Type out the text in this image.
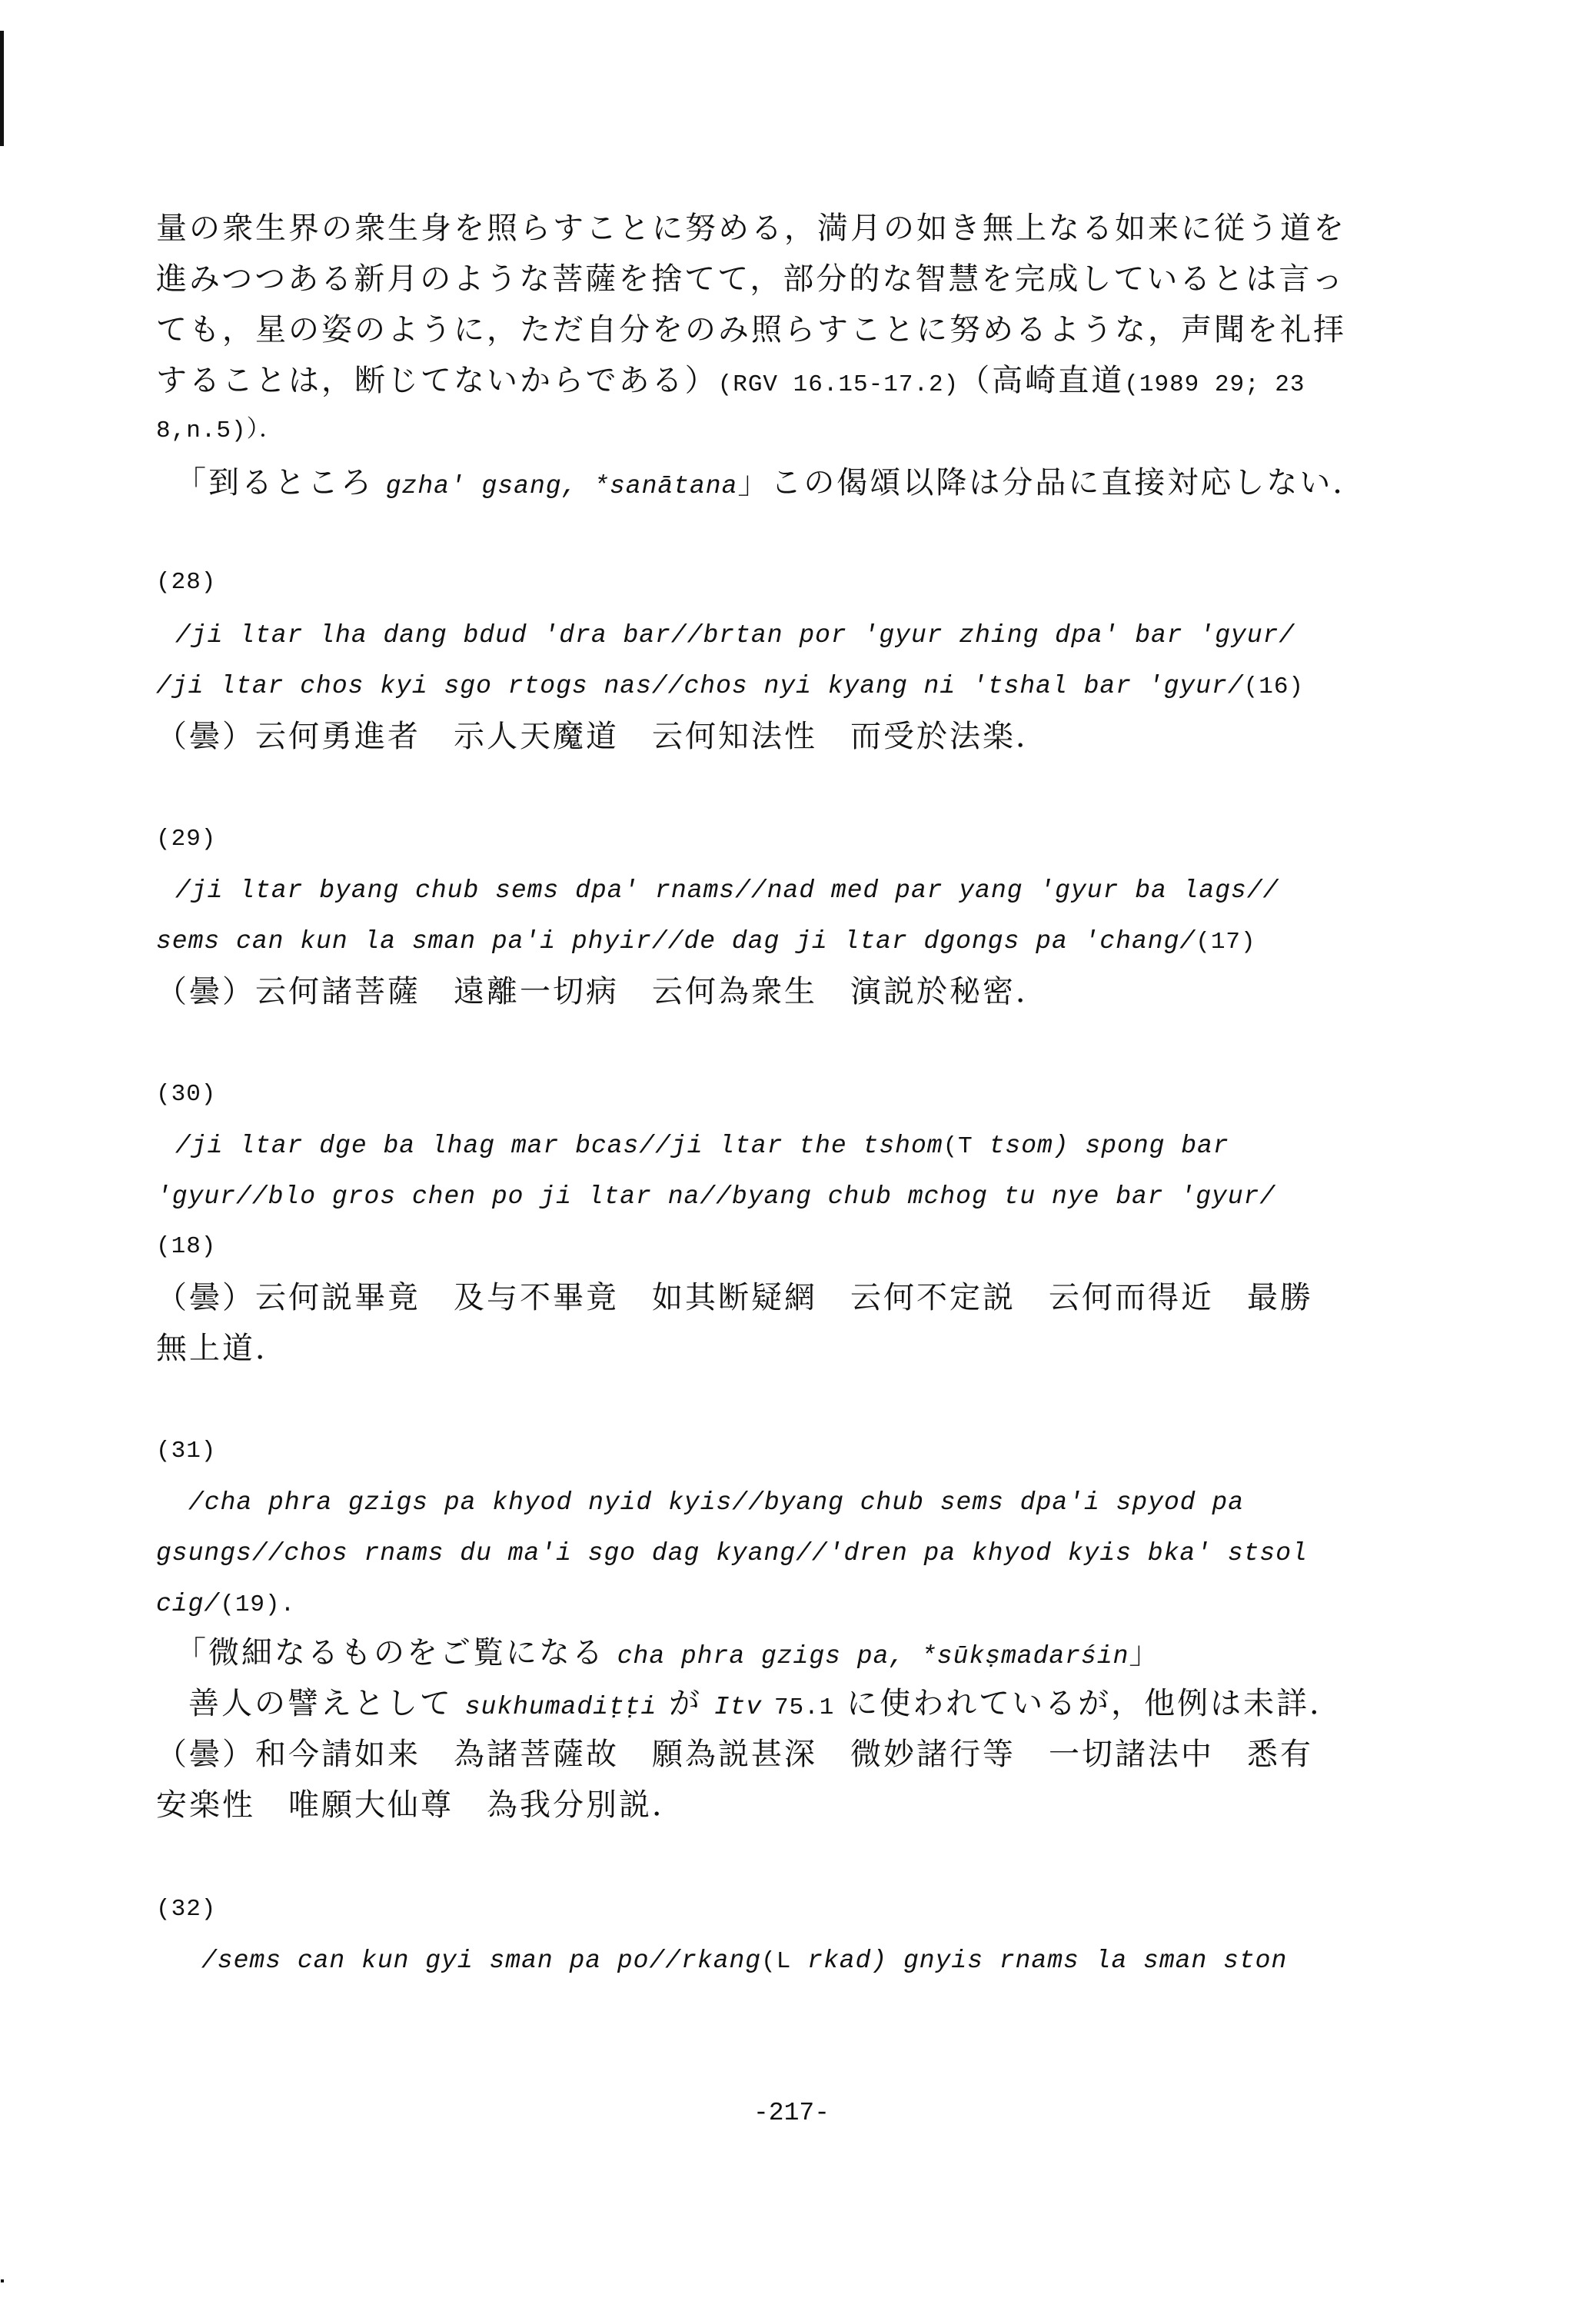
量の衆生界の衆生身を照らすことに努める，満月の如き無上なる如来に従う道を
進みつつある新月のような菩薩を捨てて，部分的な智慧を完成しているとは言っ
ても，星の姿のように，ただ自分をのみ照らすことに努めるような，声聞を礼拝
することは，断じてないからである）(RGV 16.15-17.2)（高崎直道(1989 29; 23
8,n.5)）．
「到るところ gzha' gsang, *sanātana」この偈頌以降は分品に直接対応しない．
(28)
/ji ltar lha dang bdud 'dra bar//brtan por 'gyur zhing dpa' bar 'gyur/
/ji ltar chos kyi sgo rtogs nas//chos nyi kyang ni 'tshal bar 'gyur/(16)
（曇）云何勇進者　示人天魔道　云何知法性　而受於法楽．
(29)
/ji ltar byang chub sems dpa' rnams//nad med par yang 'gyur ba lags//
sems can kun la sman pa'i phyir//de dag ji ltar dgongs pa 'chang/(17)
（曇）云何諸菩薩　遠離一切病　云何為衆生　演説於秘密．
(30)
/ji ltar dge ba lhag mar bcas//ji ltar the tshom(T tsom) spong bar
'gyur//blo gros chen po ji ltar na//byang chub mchog tu nye bar 'gyur/
(18)
（曇）云何説畢竟　及与不畢竟　如其断疑網　云何不定説　云何而得近　最勝
無上道．
(31)
/cha phra gzigs pa khyod nyid kyis//byang chub sems dpa'i spyod pa
gsungs//chos rnams du ma'i sgo dag kyang//'dren pa khyod kyis bka' stsol
cig/(19).
「微細なるものをご覧になる cha phra gzigs pa, *sūkṣmadarśin」
善人の譬えとして sukhumadiṭṭi が Itv 75.1 に使われているが，他例は未詳．
（曇）和今請如来　為諸菩薩故　願為説甚深　微妙諸行等　一切諸法中　悉有
安楽性　唯願大仙尊　為我分別説．
(32)
/sems can kun gyi sman pa po//rkang(L rkad) gnyis rnams la sman ston
-217-
